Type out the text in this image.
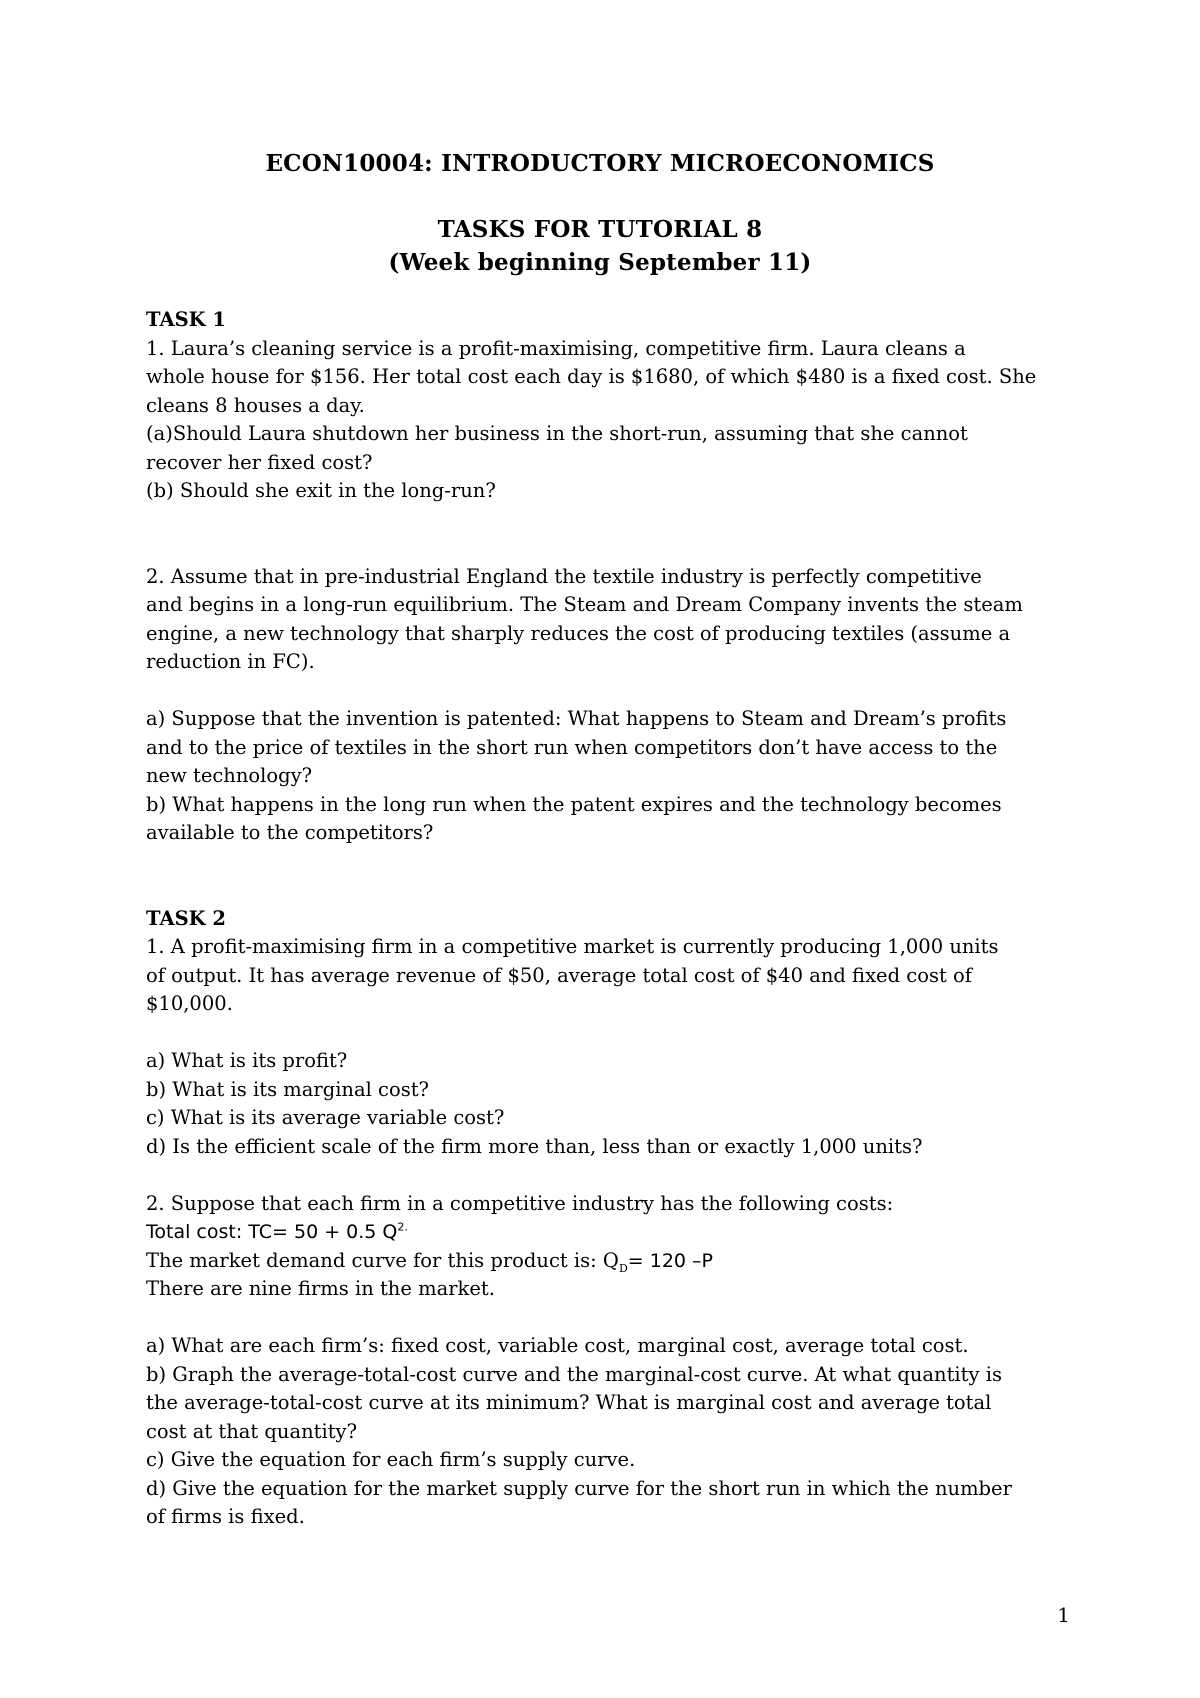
ECON10004: INTRODUCTORY MICROECONOMICS
TASKS FOR TUTORIAL 8
(Week beginning September 11)
TASK 1
1. Laura’s cleaning service is a profit-maximising, competitive firm. Laura cleans a
whole house for $156. Her total cost each day is $1680, of which $480 is a fixed cost. She
cleans 8 houses a day.
(a)Should Laura shutdown her business in the short-run, assuming that she cannot
recover her fixed cost?
(b) Should she exit in the long-run?
2. Assume that in pre-industrial England the textile industry is perfectly competitive
and begins in a long-run equilibrium. The Steam and Dream Company invents the steam
engine, a new technology that sharply reduces the cost of producing textiles (assume a
reduction in FC).
a) Suppose that the invention is patented: What happens to Steam and Dream’s profits
and to the price of textiles in the short run when competitors don’t have access to the
new technology?
b) What happens in the long run when the patent expires and the technology becomes
available to the competitors?
TASK 2
1. A profit-maximising firm in a competitive market is currently producing 1,000 units
of output. It has average revenue of $50, average total cost of $40 and fixed cost of
$10,000.
a) What is its profit?
b) What is its marginal cost?
c) What is its average variable cost?
d) Is the efficient scale of the firm more than, less than or exactly 1,000 units?
2. Suppose that each firm in a competitive industry has the following costs:
Total cost: TC= 50 + 0.5 $Q^{2.}$
The market demand curve for this product is: $Q_D= 120$ –P
There are nine firms in the market.
a) What are each firm’s: fixed cost, variable cost, marginal cost, average total cost.
b) Graph the average-total-cost curve and the marginal-cost curve. At what quantity is
the average-total-cost curve at its minimum? What is marginal cost and average total
cost at that quantity?
c) Give the equation for each firm’s supply curve.
d) Give the equation for the market supply curve for the short run in which the number
of firms is fixed.
1
